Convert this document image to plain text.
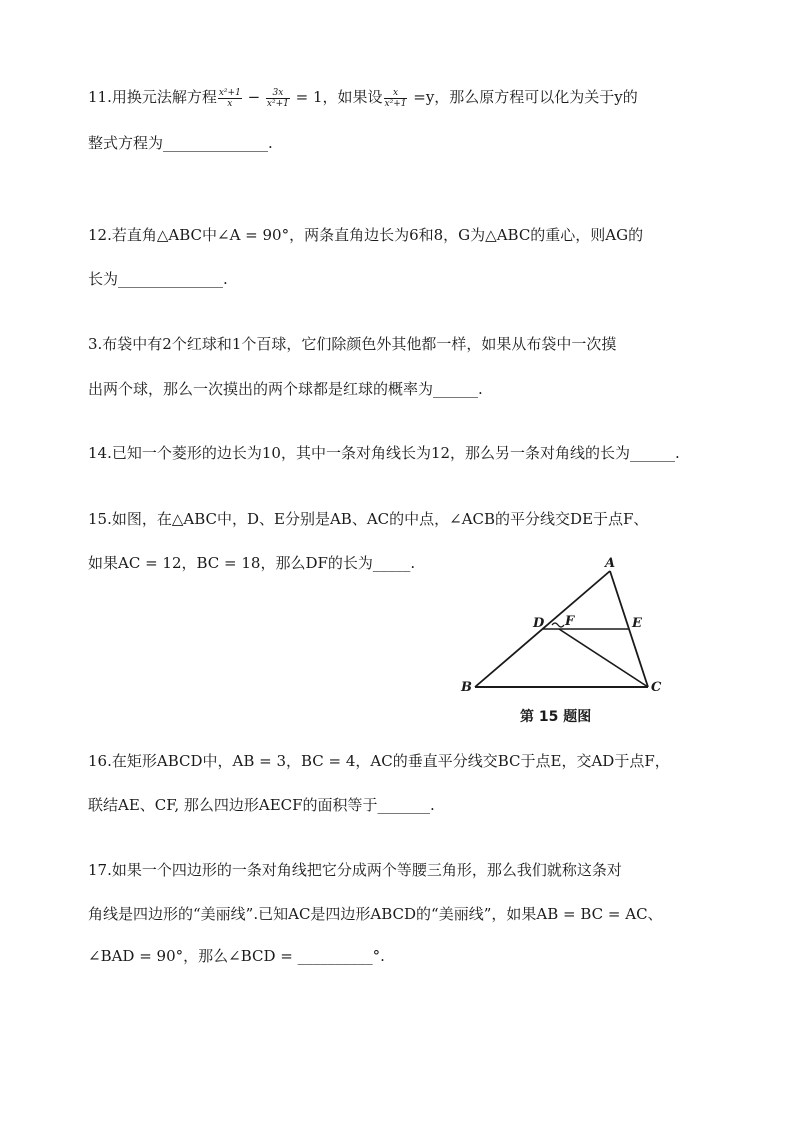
11.用换元法解方程 $\frac{\text{x²+1}}{x} - \frac{3x}{\text{x²+1}} = 1$，如果设 $\frac{x}{\text{x²+1}} =y$，那么原方程可以化为关于y的
整式方程为______________.
12.若直角△ABC中∠A = 90°，两条直角边长为6和8，G为△ABC的重心，则AG的
长为______________.
3.布袋中有2个红球和1个百球，它们除颜色外其他都一样，如果从布袋中一次摸
出两个球，那么一次摸出的两个球都是红球的概率为______.
14.已知一个菱形的边长为10，其中一条对角线长为12，那么另一条对角线的长为______.
15.如图，在△ABC中，D、E分别是AB、AC的中点，∠ACB的平分线交DE于点F、
如果AC = 12，BC = 18，那么DF的长为_____.	A
B	C
D	E
F
第 15 题图
16.在矩形ABCD中，AB = 3，BC = 4，AC的垂直平分线交BC于点E，交AD于点F，
联结AE、CF, 那么四边形AECF的面积等于_______.
17.如果一个四边形的一条对角线把它分成两个等腰三角形，那么我们就称这条对
角线是四边形的“美丽线”.已知AC是四边形ABCD的“美丽线”，如果AB = BC = AC、
∠BAD = 90°，那么∠BCD = __________°.
